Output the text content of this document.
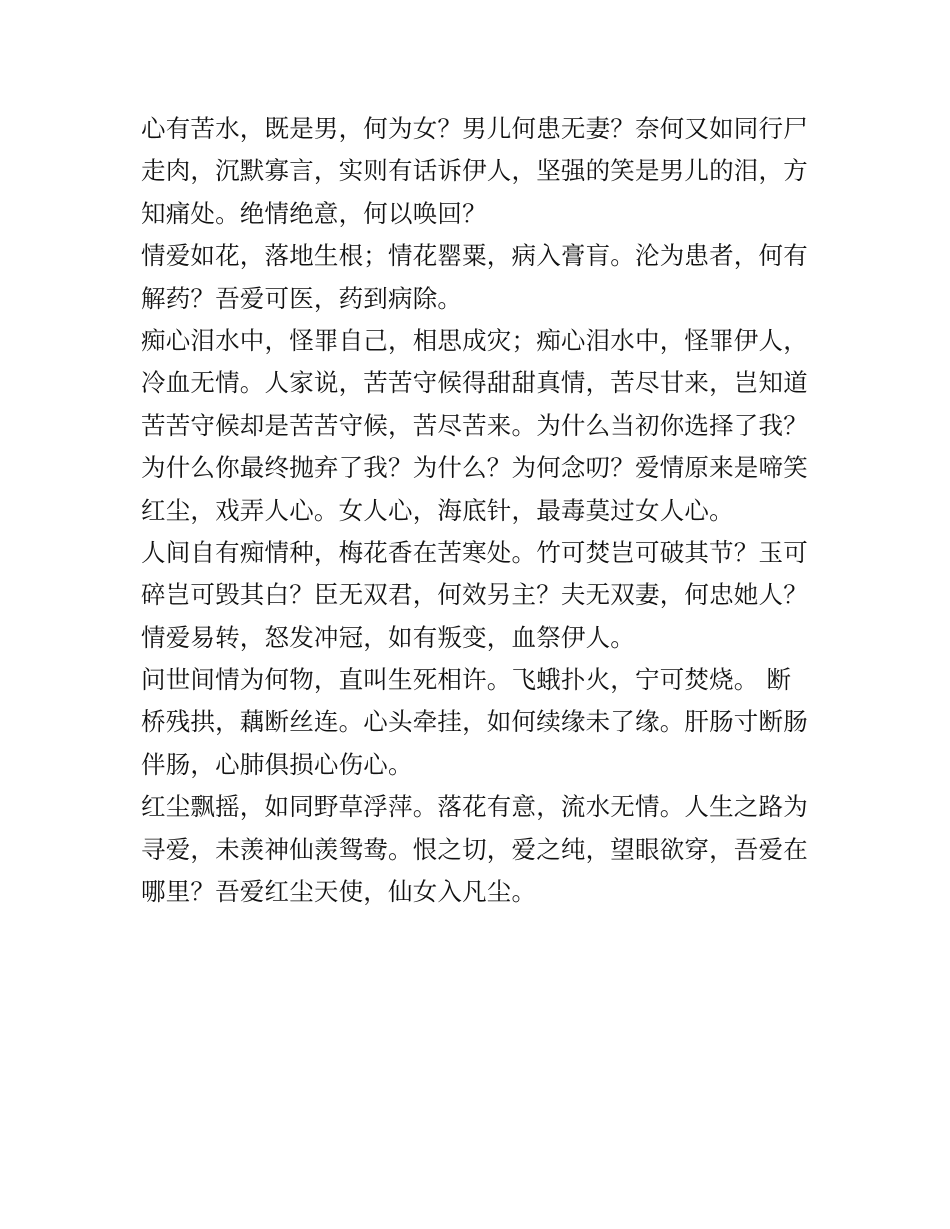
心有苦水，既是男，何为女？男儿何患无妻？奈何又如同行尸
走肉，沉默寡言，实则有话诉伊人，坚强的笑是男儿的泪，方
知痛处。绝情绝意，何以唤回？
情爱如花，落地生根；情花罂粟，病入膏肓。沦为患者，何有
解药？吾爱可医，药到病除。
痴心泪水中，怪罪自己，相思成灾；痴心泪水中，怪罪伊人，
冷血无情。人家说，苦苦守候得甜甜真情，苦尽甘来，岂知道
苦苦守候却是苦苦守候，苦尽苦来。为什么当初你选择了我？
为什么你最终抛弃了我？为什么？为何念叨？爱情原来是啼笑
红尘，戏弄人心。女人心，海底针，最毒莫过女人心。
人间自有痴情种，梅花香在苦寒处。竹可焚岂可破其节？玉可
碎岂可毁其白？臣无双君，何效另主？夫无双妻，何忠她人？
情爱易转，怒发冲冠，如有叛变，血祭伊人。
问世间情为何物，直叫生死相许。飞蛾扑火，宁可焚烧。 断
桥残拱，藕断丝连。心头牵挂，如何续缘未了缘。肝肠寸断肠
伴肠，心肺俱损心伤心。
红尘飘摇，如同野草浮萍。落花有意，流水无情。人生之路为
寻爱，未羡神仙羡鸳鸯。恨之切，爱之纯，望眼欲穿，吾爱在
哪里？吾爱红尘天使，仙女入凡尘。
